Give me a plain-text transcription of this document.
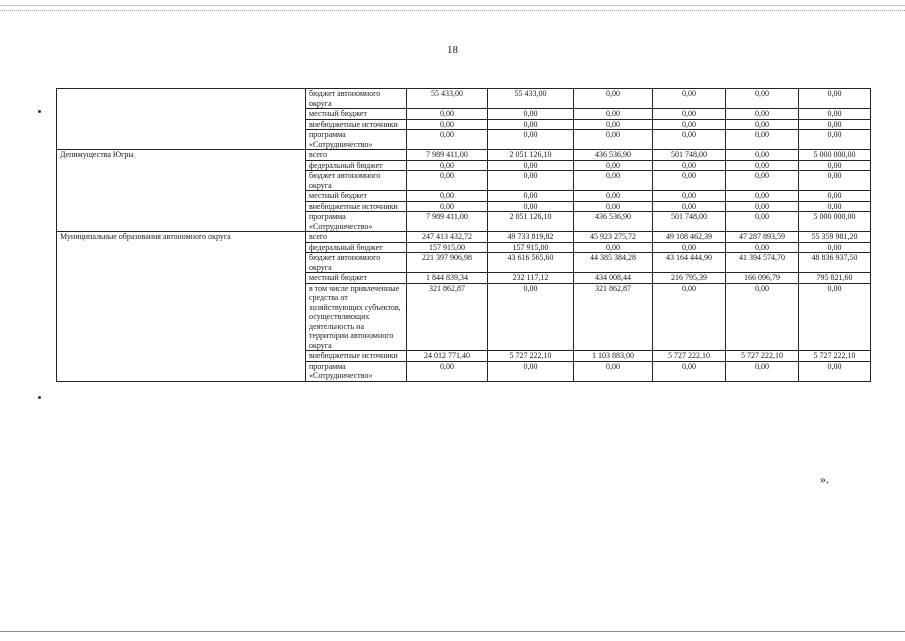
18
	бюджет автономного округа	55 433,00	55 433,00	0,00	0,00	0,00	0,00
	местный бюджет	0,00	0,00	0,00	0,00	0,00	0,00
	внебюджетные источники	0,00	0,00	0,00	0,00	0,00	0,00
	программа «Сотрудничество»	0,00	0,00	0,00	0,00	0,00	0,00
Депимущества Югры	всего	7 989 411,00	2 051 126,10	436 536,90	501 748,00	0,00	5 000 000,00
	федеральный бюджет	0,00	0,00	0,00	0,00	0,00	0,00
	бюджет автономного округа	0,00	0,00	0,00	0,00	0,00	0,00
	местный бюджет	0,00	0,00	0,00	0,00	0,00	0,00
	внебюджетные источники	0,00	0,00	0,00	0,00	0,00	0,00
	программа «Сотрудничество»	7 989 411,00	2 051 126,10	436 536,90	501 748,00	0,00	5 000 000,00
Муниципальные образования автономного округа	всего	247 413 432,72	49 733 819,82	45 923 275,72	49 108 462,39	47 287 893,59	55 359 981,20
	федеральный бюджет	157 915,00	157 915,00	0,00	0,00	0,00	0,00
	бюджет автономного округа	221 397 906,98	43 616 565,60	44 385 384,28	43 164 444,90	41 394 574,70	48 836 937,50
	местный бюджет	1 844 839,34	232 117,12	434 008,44	216 795,39	166 096,79	795 821,60
	в том числе привлеченные средства от хозяйствующих субъектов, осуществляющих деятельность на территории автономного округа	321 862,87	0,00	321 862,87	0,00	0,00	0,00
	внебюджетные источники	24 012 771,40	5 727 222,10	1 103 883,00	5 727 222,10	5 727 222,10	5 727 222,10
	программа «Сотрудничество»	0,00	0,00	0,00	0,00	0,00	0,00
».
